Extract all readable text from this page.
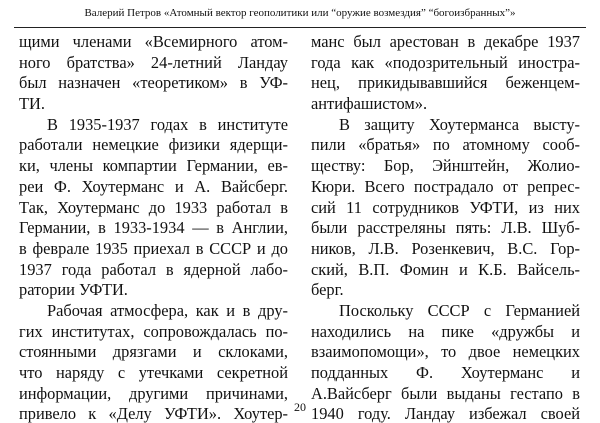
Валерий Петров «Атомный вектор геополитики или “оружие возмездия” “богоизбранных”»
щими членами «Всемирного атом-
ного братства» 24-летний Ландау
был назначен «теоретиком» в УФ-
ТИ.
В 1935-1937 годах в институте
работали немецкие физики ядерщи-
ки, члены компартии Германии, ев-
реи Ф. Хоутерманс и А. Вайсберг.
Так, Хоутерманс до 1933 работал в
Германии, в 1933-1934 — в Англии,
в феврале 1935 приехал в СССР и до
1937 года работал в ядерной лабо-
ратории УФТИ.
Рабочая атмосфера, как и в дру-
гих институтах, сопровождалась по-
стоянными дрязгами и склоками,
что наряду с утечками секретной
информации, другими причинами,
привело к «Делу УФТИ». Хоутер-
манс был арестован в декабре 1937
года как «подозрительный иностра-
нец, прикидывавшийся беженцем-
антифашистом».
В защиту Хоутерманса высту-
пили «братья» по атомному сооб-
ществу: Бор, Эйнштейн, Жолио-
Кюри. Всего пострадало от репрес-
сий 11 сотрудников УФТИ, из них
были расстреляны пять: Л.В. Шуб-
ников, Л.В. Розенкевич, В.С. Гор-
ский, В.П. Фомин и К.Б. Вайсель-
берг.
Поскольку СССР с Германией
находились на пике «дружбы и
взаимопомощи», то двое немецких
подданных Ф. Хоутерманс и
А.Вайсберг были выданы гестапо в
1940 году. Ландау избежал своей
20
